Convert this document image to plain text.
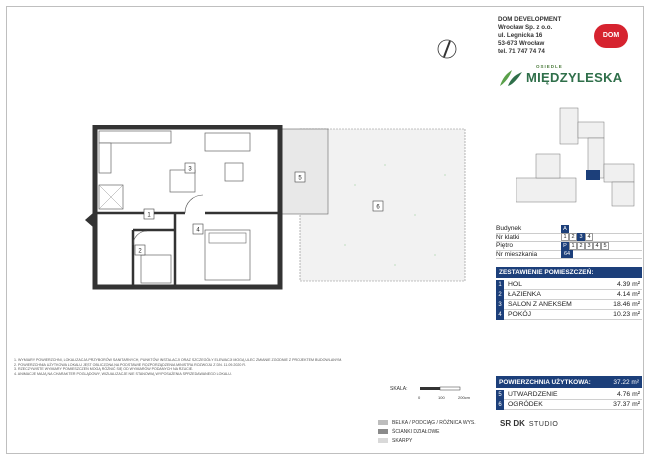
1
2
3
4
5
6
DOM DEVELOPMENT
Wrocław Sp. z o.o.
ul. Legnicka 16
53-673 Wrocław
tel. 71 747 74 74
DOM
OSIEDLE
MIĘDZYLESKA
Budynek	A
Nr klatki	1 2 3 4
Piętro	P 1 2 3 4 5
Nr mieszkania	64
ZESTAWIENIE POMIESZCZEŃ:
1 HOL	4.39 m²
2 ŁAZIENKA	4.14 m²
3 SALON Z ANEKSEM	18.46 m²
4 POKÓJ	10.23 m²
POWIERZCHNIA UŻYTKOWA:	37.22 m²
5 UTWARDZENIE	4.76 m²
6 OGRÓDEK	37.37 m²
1. WYMIARY POWIERZCHNI, LOKALIZACJA PRZYBORÓW SANITARNYCH, PUNKTÓW INSTALACJI ORAZ SZCZEGÓŁY ELEWACJI MOGĄ ULEC ZMIANIE ZGODNIE Z PROJEKTEM BUDOWLANYM.
2. POWIERZCHNIA UŻYTKOWA LOKALU JEST OBLICZONA NA PODSTAWIE ROZPORZĄDZENIA MINISTRA ROZWOJU Z DN. 11.09.2020 R.
3. RZECZYWISTE WYMIARY POMIESZCZEŃ MOGĄ RÓŻNIĆ SIĘ OD WYMIARÓW PODANYCH NA RZUCIE.
4. ANIMACJE MAJĄ NA CHARAKTER POGLĄDOWY, WIZUALIZACJE NIE STANOWIĄ WYPOSAŻENIA SPRZEDAWANEGO LOKALU.
SKALA:
0	100	200cm
BELKA / PODCIĄG / RÓŻNICA WYS.
ŚCIANKI DZIAŁOWE
SKARPY
SR DK STUDIO
